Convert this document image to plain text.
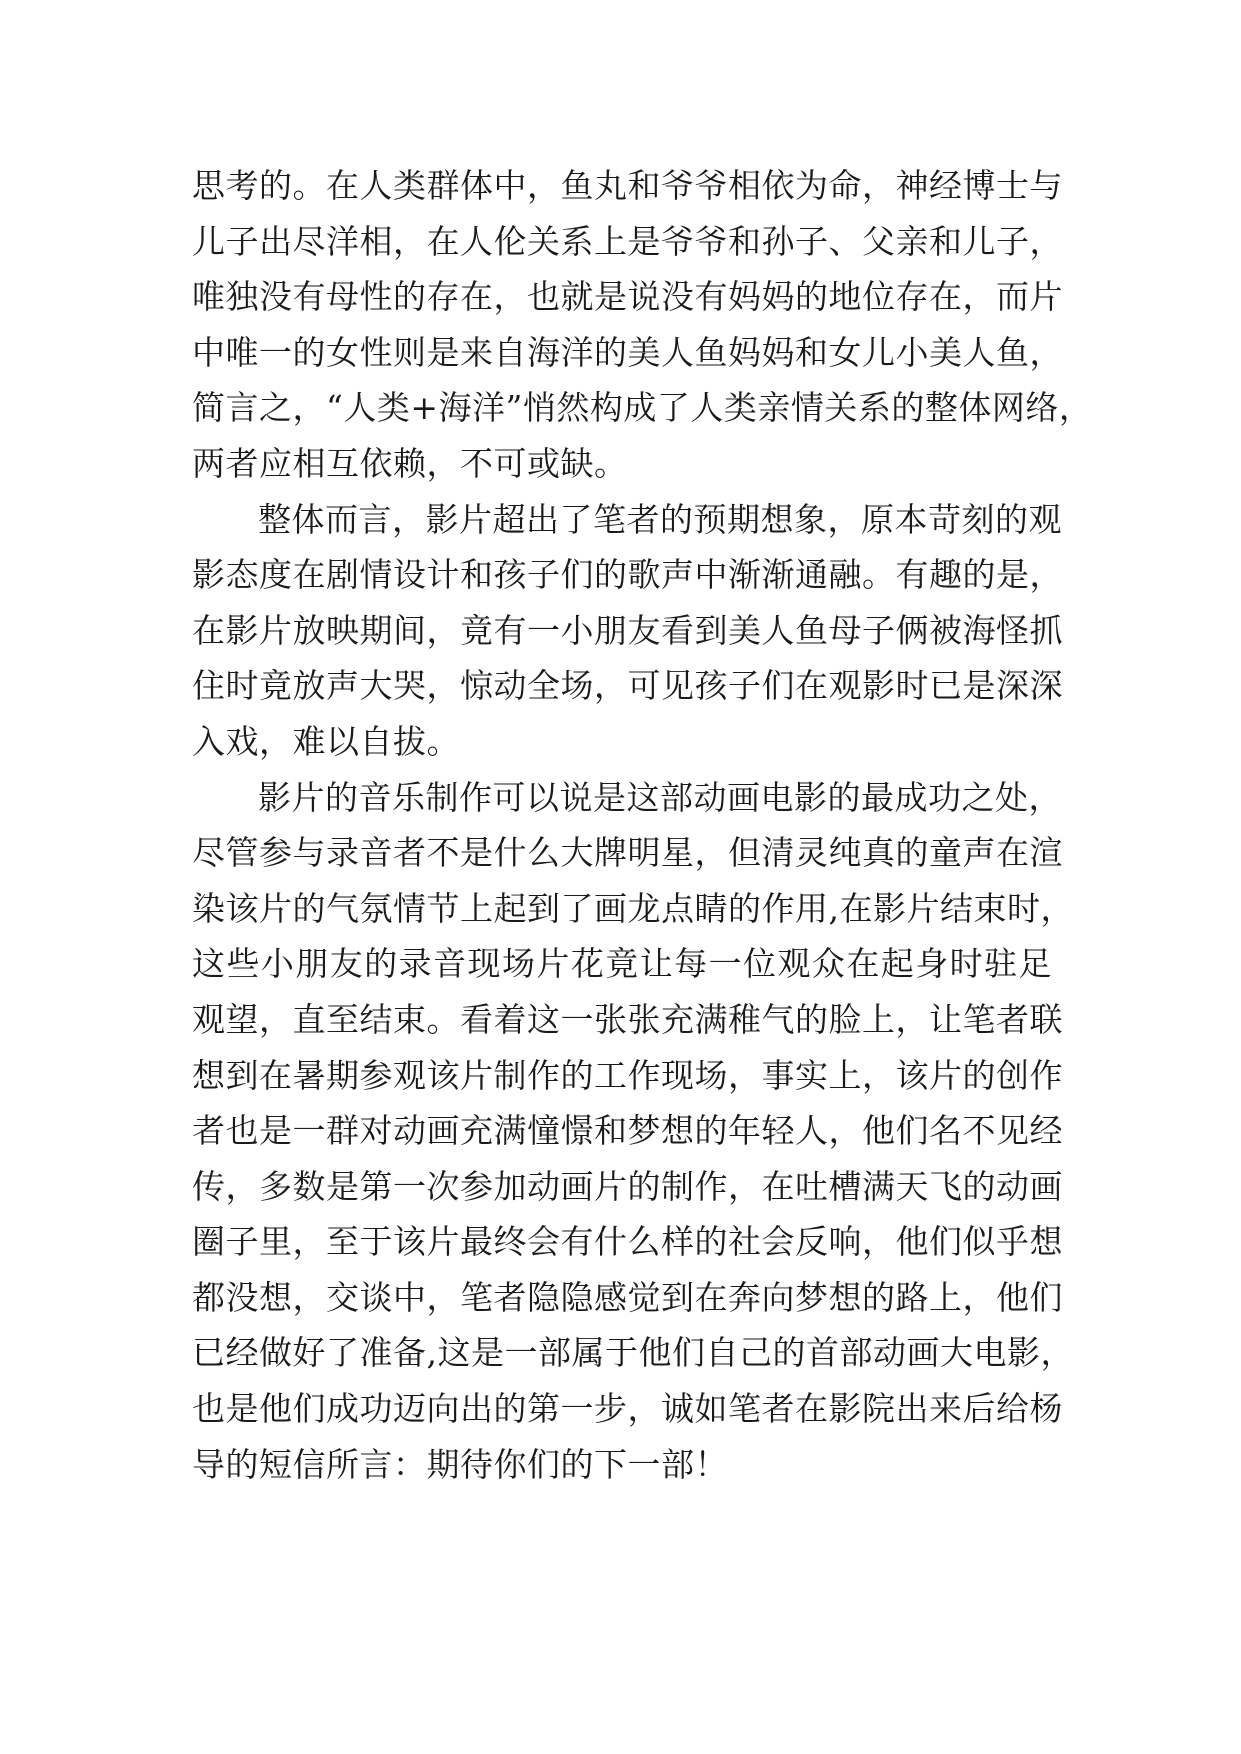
思考的。在人类群体中，鱼丸和爷爷相依为命，神经博士与
儿子出尽洋相，在人伦关系上是爷爷和孙子、父亲和儿子，
唯独没有母性的存在，也就是说没有妈妈的地位存在，而片
中唯一的女性则是来自海洋的美人鱼妈妈和女儿小美人鱼，
简言之，“人类+海洋”悄然构成了人类亲情关系的整体网络，
两者应相互依赖，不可或缺。
整体而言，影片超出了笔者的预期想象，原本苛刻的观
影态度在剧情设计和孩子们的歌声中渐渐通融。有趣的是，
在影片放映期间，竟有一小朋友看到美人鱼母子俩被海怪抓
住时竟放声大哭，惊动全场，可见孩子们在观影时已是深深
入戏，难以自拔。
影片的音乐制作可以说是这部动画电影的最成功之处，
尽管参与录音者不是什么大牌明星，但清灵纯真的童声在渲
染该片的气氛情节上起到了画龙点睛的作用,在影片结束时，
这些小朋友的录音现场片花竟让每一位观众在起身时驻足
观望，直至结束。看着这一张张充满稚气的脸上，让笔者联
想到在暑期参观该片制作的工作现场，事实上，该片的创作
者也是一群对动画充满憧憬和梦想的年轻人，他们名不见经
传，多数是第一次参加动画片的制作，在吐槽满天飞的动画
圈子里，至于该片最终会有什么样的社会反响，他们似乎想
都没想，交谈中，笔者隐隐感觉到在奔向梦想的路上，他们
已经做好了准备,这是一部属于他们自己的首部动画大电影，
也是他们成功迈向出的第一步，诚如笔者在影院出来后给杨
导的短信所言：期待你们的下一部！
